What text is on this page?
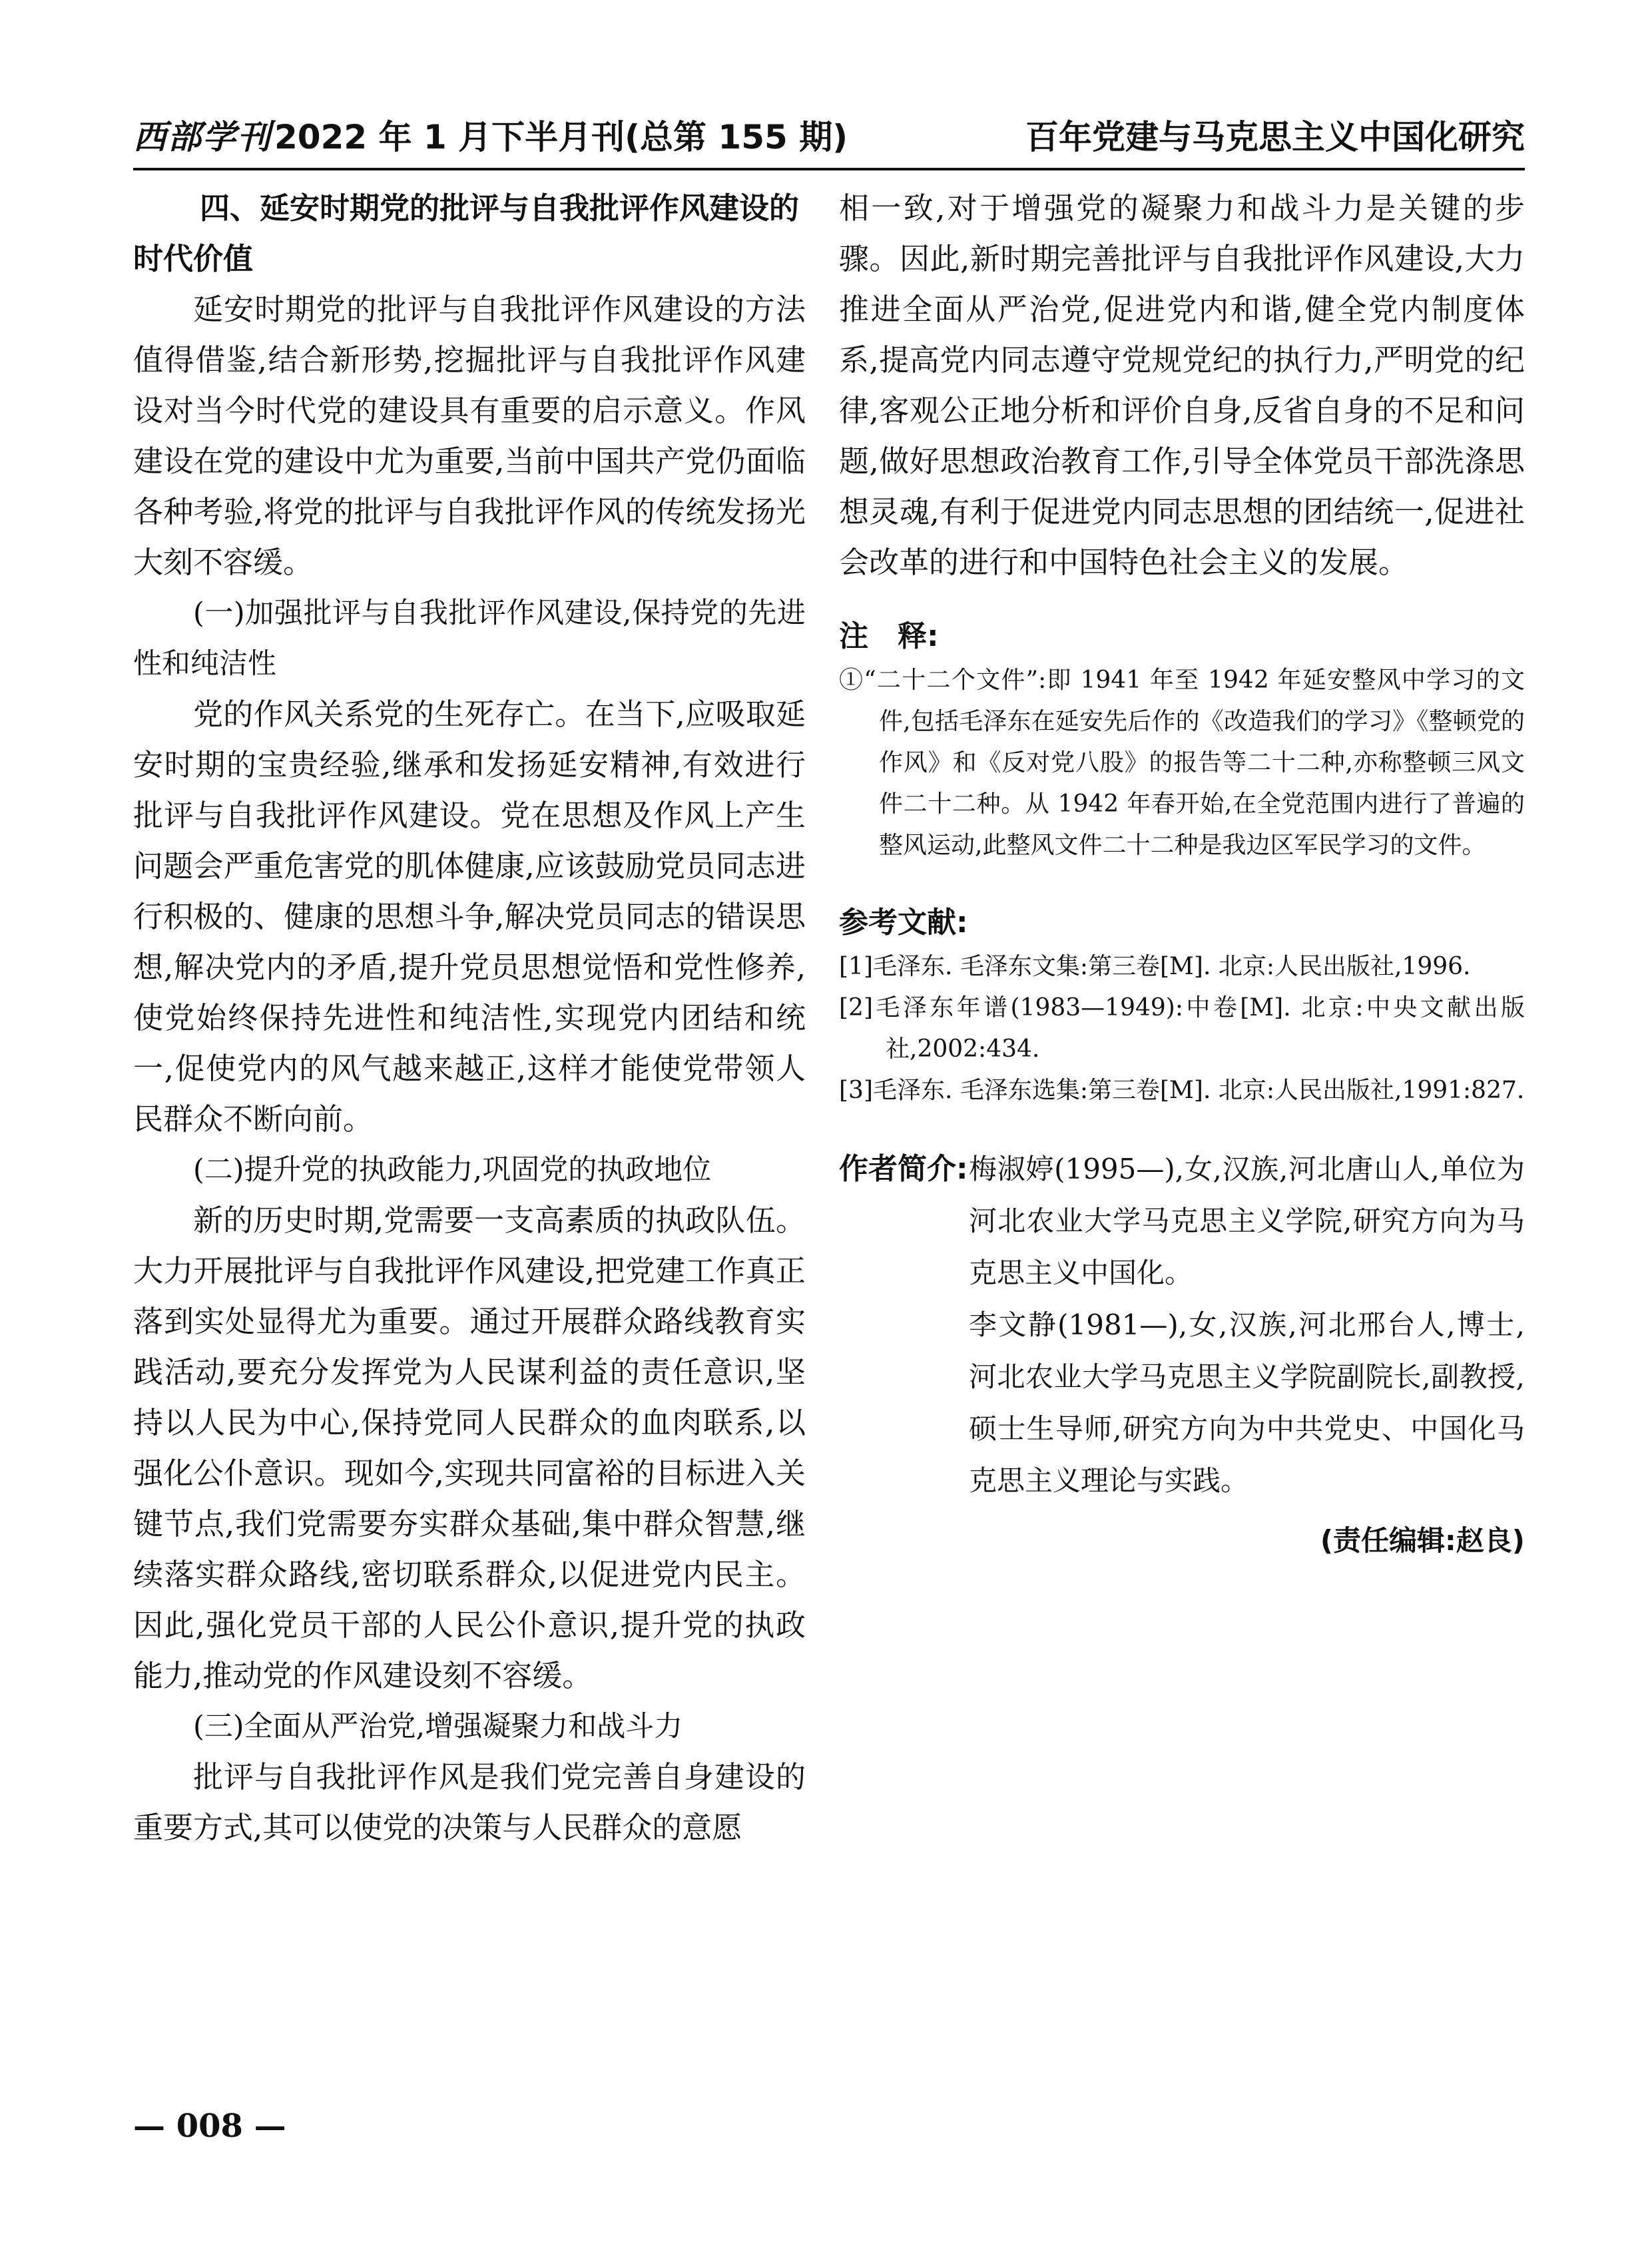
西部学刊2022 年 1 月下半月刊(总第 155 期)	百年党建与马克思主义中国化研究

四、延安时期党的批评与自我批评作风建设的时代价值

延安时期党的批评与自我批评作风建设的方法值得借鉴,结合新形势,挖掘批评与自我批评作风建设对当今时代党的建设具有重要的启示意义。作风建设在党的建设中尤为重要,当前中国共产党仍面临各种考验,将党的批评与自我批评作风的传统发扬光大刻不容缓。

(一)加强批评与自我批评作风建设,保持党的先进性和纯洁性

党的作风关系党的生死存亡。在当下,应吸取延安时期的宝贵经验,继承和发扬延安精神,有效进行批评与自我批评作风建设。党在思想及作风上产生问题会严重危害党的肌体健康,应该鼓励党员同志进行积极的、健康的思想斗争,解决党员同志的错误思想,解决党内的矛盾,提升党员思想觉悟和党性修养,使党始终保持先进性和纯洁性,实现党内团结和统一,促使党内的风气越来越正,这样才能使党带领人民群众不断向前。

(二)提升党的执政能力,巩固党的执政地位

新的历史时期,党需要一支高素质的执政队伍。大力开展批评与自我批评作风建设,把党建工作真正落到实处显得尤为重要。通过开展群众路线教育实践活动,要充分发挥党为人民谋利益的责任意识,坚持以人民为中心,保持党同人民群众的血肉联系,以强化公仆意识。现如今,实现共同富裕的目标进入关键节点,我们党需要夯实群众基础,集中群众智慧,继续落实群众路线,密切联系群众,以促进党内民主。因此,强化党员干部的人民公仆意识,提升党的执政能力,推动党的作风建设刻不容缓。

(三)全面从严治党,增强凝聚力和战斗力

批评与自我批评作风是我们党完善自身建设的重要方式,其可以使党的决策与人民群众的意愿

相一致,对于增强党的凝聚力和战斗力是关键的步骤。因此,新时期完善批评与自我批评作风建设,大力推进全面从严治党,促进党内和谐,健全党内制度体系,提高党内同志遵守党规党纪的执行力,严明党的纪律,客观公正地分析和评价自身,反省自身的不足和问题,做好思想政治教育工作,引导全体党员干部洗涤思想灵魂,有利于促进党内同志思想的团结统一,促进社会改革的进行和中国特色社会主义的发展。

注　释:

①“二十二个文件”:即 1941 年至 1942 年延安整风中学习的文件,包括毛泽东在延安先后作的《改造我们的学习》《整顿党的作风》和《反对党八股》的报告等二十二种,亦称整顿三风文件二十二种。从 1942 年春开始,在全党范围内进行了普遍的整风运动,此整风文件二十二种是我边区军民学习的文件。

参考文献:

[1]毛泽东. 毛泽东文集:第三卷[M]. 北京:人民出版社,1996.

[2]毛泽东年谱(1983—1949):中卷[M]. 北京:中央文献出版社,2002:434.

[3]毛泽东. 毛泽东选集:第三卷[M]. 北京:人民出版社,1991:827.

作者简介: 梅淑婷(1995—),女,汉族,河北唐山人,单位为河北农业大学马克思主义学院,研究方向为马克思主义中国化。

李文静(1981—),女,汉族,河北邢台人,博士,河北农业大学马克思主义学院副院长,副教授,硕士生导师,研究方向为中共党史、中国化马克思主义理论与实践。

(责任编辑:赵良)
— 008 —
